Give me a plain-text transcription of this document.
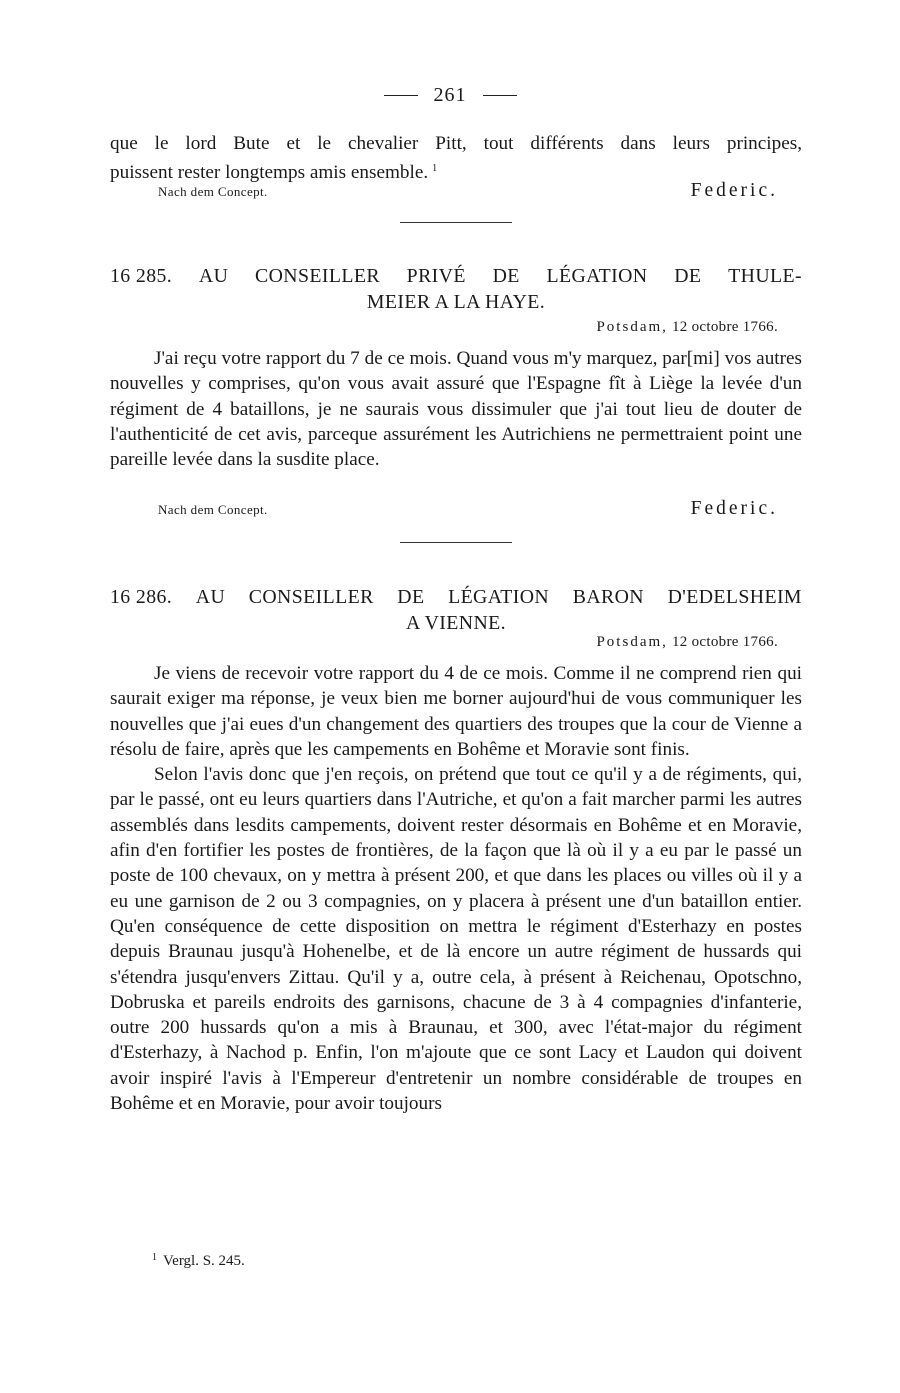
261

que le lord Bute et le chevalier Pitt, tout différents dans leurs principes,

puissent rester longtemps amis ensemble. $^1$

Nach dem Concept.	Federic.
16 285. AU CONSEILLER PRIVÉ DE LÉGATION DE THULE-
MEIER A LA HAYE.
Potsdam, 12 octobre 1766.

J'ai reçu votre rapport du 7 de ce mois. Quand vous m'y marquez, par[mi] vos autres nouvelles y comprises, qu'on vous avait assuré que l'Espagne fît à Liège la levée d'un régiment de 4 bataillons, je ne saurais vous dissimuler que j'ai tout lieu de douter de l'authenticité de cet avis, parceque assurément les Autrichiens ne permettraient point une pareille levée dans la susdite place.

Nach dem Concept.	Federic.
16 286. AU CONSEILLER DE LÉGATION BARON D'EDELSHEIM
A VIENNE.
Potsdam, 12 octobre 1766.

Je viens de recevoir votre rapport du 4 de ce mois. Comme il ne comprend rien qui saurait exiger ma réponse, je veux bien me borner aujourd'hui de vous communiquer les nouvelles que j'ai eues d'un changement des quartiers des troupes que la cour de Vienne a résolu de faire, après que les campements en Bohême et Moravie sont finis.

Selon l'avis donc que j'en reçois, on prétend que tout ce qu'il y a de régiments, qui, par le passé, ont eu leurs quartiers dans l'Autriche, et qu'on a fait marcher parmi les autres assemblés dans lesdits campements, doivent rester désormais en Bohême et en Moravie, afin d'en fortifier les postes de frontières, de la façon que là où il y a eu par le passé un poste de 100 chevaux, on y mettra à présent 200, et que dans les places ou villes où il y a eu une garnison de 2 ou 3 compagnies, on y placera à présent une d'un bataillon entier. Qu'en conséquence de cette disposition on mettra le régiment d'Esterhazy en postes depuis Braunau jusqu'à Hohenelbe, et de là encore un autre régiment de hussards qui s'étendra jusqu'envers Zittau. Qu'il y a, outre cela, à présent à Reichenau, Opotschno, Dobruska et pareils endroits des garnisons, chacune de 3 à 4 compagnies d'infanterie, outre 200 hussards qu'on a mis à Braunau, et 300, avec l'état-major du régiment d'Esterhazy, à Nachod p. Enfin, l'on m'ajoute que ce sont Lacy et Laudon qui doivent avoir inspiré l'avis à l'Empereur d'entretenir un nombre considérable de troupes en Bohême et en Moravie, pour avoir toujours

$^1$ Vergl. S. 245.
